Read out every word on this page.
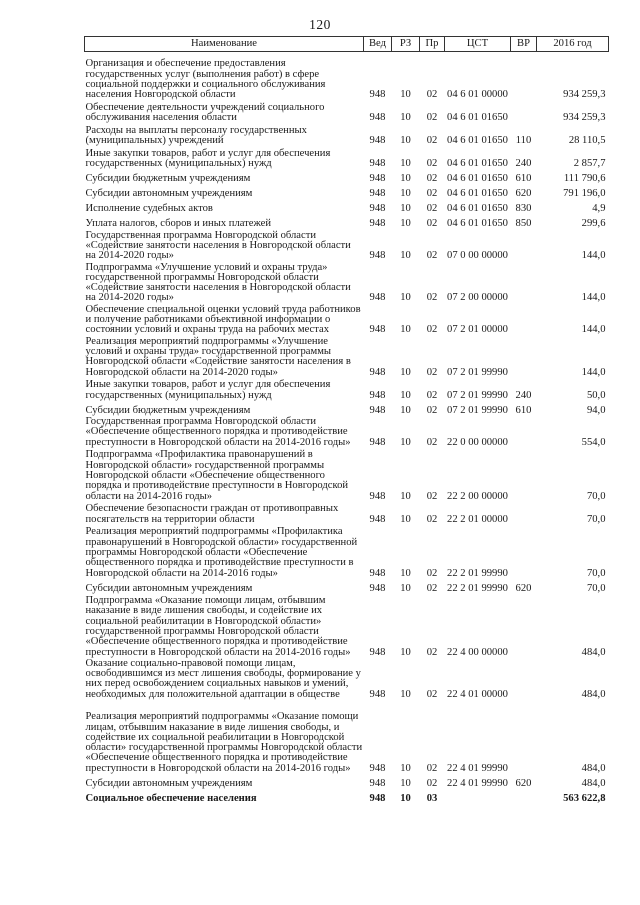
120
Наименование	Вед	РЗ	Пр	ЦСТ	ВР	2016 год
Организация и обеспечение предоставления государственных услуг (выполнения работ) в сфере социальной поддержки и социального обслуживания населения Новгородской области	948	10	02	04 6 01 00000		934 259,3
Обеспечение деятельности учреждений социального обслуживания населения области	948	10	02	04 6 01 01650		934 259,3
Расходы на выплаты персоналу государственных (муниципальных) учреждений	948	10	02	04 6 01 01650	110	28 110,5
Иные закупки товаров, работ и услуг для обеспечения государственных (муниципальных) нужд	948	10	02	04 6 01 01650	240	2 857,7
Субсидии бюджетным учреждениям	948	10	02	04 6 01 01650	610	111 790,6
Субсидии автономным учреждениям	948	10	02	04 6 01 01650	620	791 196,0
Исполнение судебных актов	948	10	02	04 6 01 01650	830	4,9
Уплата налогов, сборов и иных платежей	948	10	02	04 6 01 01650	850	299,6
Государственная программа Новгородской области «Содействие занятости населения в Новгородской области на 2014-2020 годы»	948	10	02	07 0 00 00000		144,0
Подпрограмма «Улучшение условий и охраны труда» государственной программы Новгородской области «Содействие занятости населения в Новгородской области на 2014-2020 годы»	948	10	02	07 2 00 00000		144,0
Обеспечение специальной оценки условий труда работников и получение работниками объективной информации о состоянии условий и охраны труда на рабочих местах	948	10	02	07 2 01 00000		144,0
Реализация мероприятий подпрограммы «Улучшение условий и охраны труда» государственной программы Новгородской области «Содействие занятости населения в Новгородской области на 2014-2020 годы»	948	10	02	07 2 01 99990		144,0
Иные закупки товаров, работ и услуг для обеспечения государственных (муниципальных) нужд	948	10	02	07 2 01 99990	240	50,0
Субсидии бюджетным учреждениям	948	10	02	07 2 01 99990	610	94,0
Государственная программа Новгородской области «Обеспечение общественного порядка и противодействие преступности в Новгородской области на 2014-2016 годы»	948	10	02	22 0 00 00000		554,0
Подпрограмма «Профилактика правонарушений в Новгородской области» государственной программы Новгородской области «Обеспечение общественного порядка и противодействие преступности в Новгородской области на 2014-2016 годы»	948	10	02	22 2 00 00000		70,0
Обеспечение безопасности граждан от противоправных посягательств на территории области	948	10	02	22 2 01 00000		70,0
Реализация мероприятий подпрограммы «Профилактика правонарушений в Новгородской области» государственной программы Новгородской области «Обеспечение общественного порядка и противодействие преступности в Новгородской области на 2014-2016 годы»	948	10	02	22 2 01 99990		70,0
Субсидии автономным учреждениям	948	10	02	22 2 01 99990	620	70,0
Подпрограмма «Оказание помощи лицам, отбывшим наказание в виде лишения свободы, и содействие их социальной реабилитации в Новгородской области» государственной программы Новгородской области «Обеспечение общественного порядка и противодействие преступности в Новгородской области на 2014-2016 годы»	948	10	02	22 4 00 00000		484,0
Оказание социально-правовой помощи лицам, освободившимся из мест лишения свободы, формирование у них перед освобождением социальных навыков и умений, необходимых для положительной адаптации в обществе	948	10	02	22 4 01 00000		484,0
Реализация мероприятий подпрограммы «Оказание помощи лицам, отбывшим наказание в виде лишения свободы, и содействие их социальной реабилитации в Новгородской области» государственной программы Новгородской области «Обеспечение общественного порядка и противодействие преступности в Новгородской области на 2014-2016 годы»	948	10	02	22 4 01 99990		484,0
Субсидии автономным учреждениям	948	10	02	22 4 01 99990	620	484,0
Социальное обеспечение населения	948	10	03			563 622,8
